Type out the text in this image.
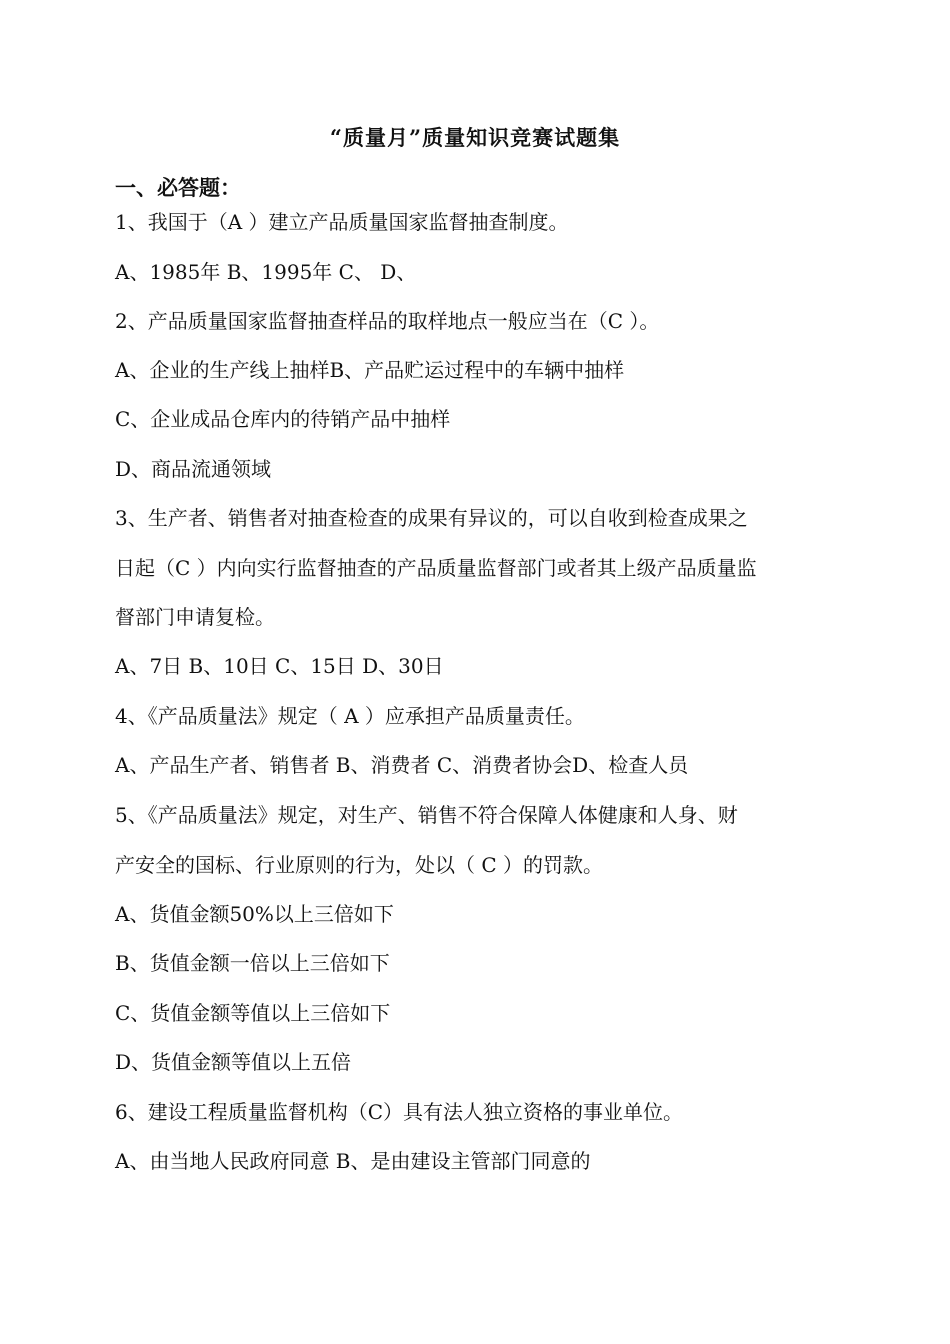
“质量月”质量知识竞赛试题集
一、必答题：
1、我国于（A ）建立产品质量国家监督抽查制度。
A、1985年 B、1995年 C、 D、
2、产品质量国家监督抽查样品的取样地点一般应当在（C ）。
A、企业的生产线上抽样B、产品贮运过程中的车辆中抽样
C、企业成品仓库内的待销产品中抽样
D、商品流通领域
3、生产者、销售者对抽查检查的成果有异议的，可以自收到检查成果之
日起（C ）内向实行监督抽查的产品质量监督部门或者其上级产品质量监
督部门申请复检。
A、7日 B、10日 C、15日 D、30日
4、《产品质量法》规定（ A ）应承担产品质量责任。
A、产品生产者、销售者 B、消费者 C、消费者协会D、检查人员
5、《产品质量法》规定，对生产、销售不符合保障人体健康和人身、财
产安全的国标、行业原则的行为，处以（ C ）的罚款。
A、货值金额50%以上三倍如下
B、货值金额一倍以上三倍如下
C、货值金额等值以上三倍如下
D、货值金额等值以上五倍
6、建设工程质量监督机构（C）具有法人独立资格的事业单位。
A、由当地人民政府同意 B、是由建设主管部门同意的
